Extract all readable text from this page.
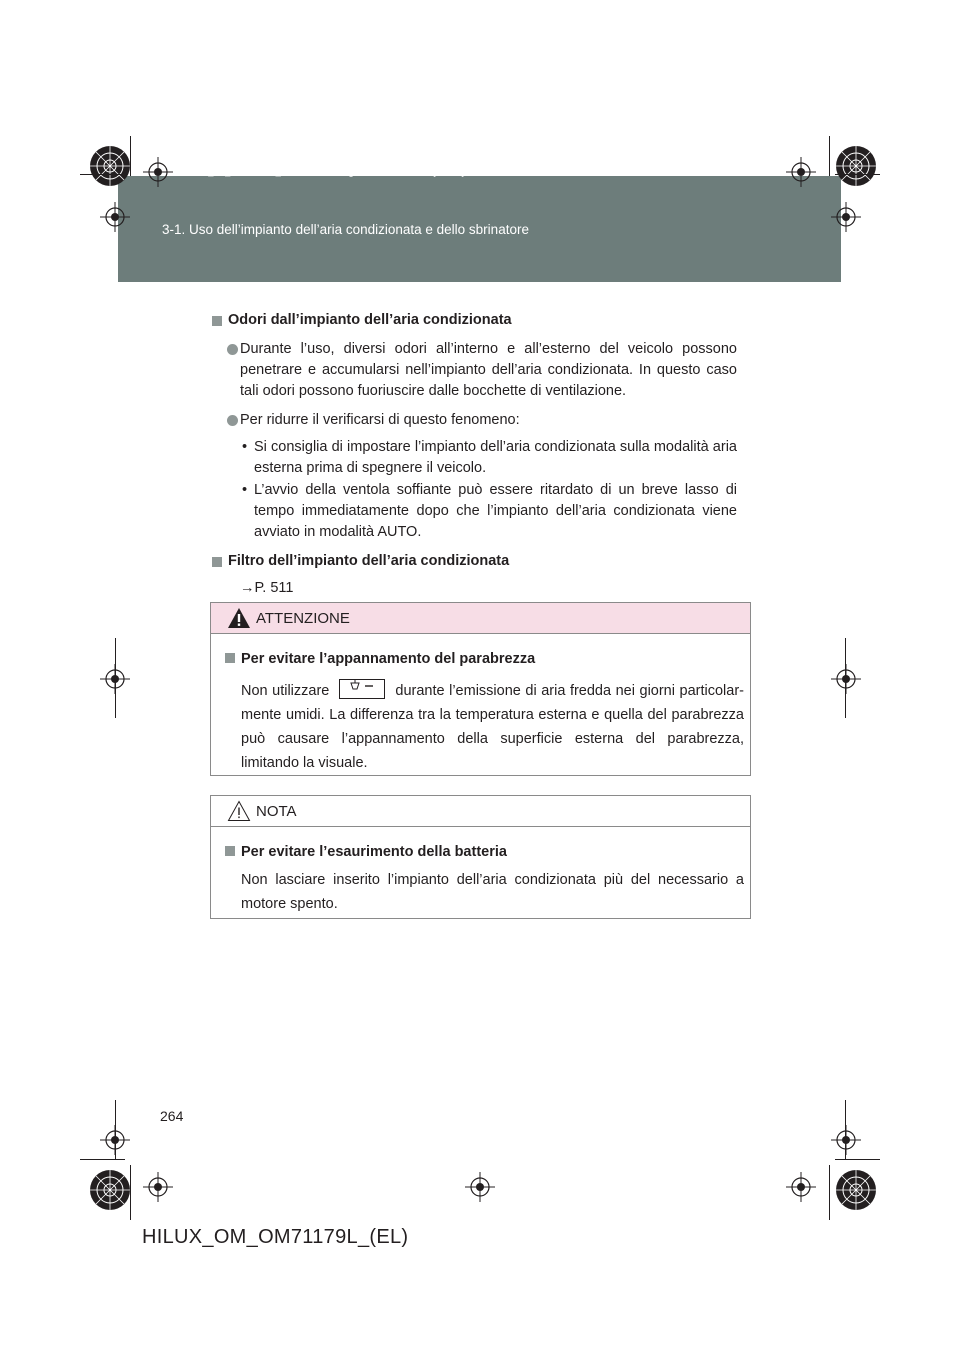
3-1. Uso dell’impianto dell’aria condizionata e dello sbrinatore
HILUX_OM_OM71179L_(EL).book Page 264 Wednesday, May 16, 2012 11:37 AM
Odori dall’impianto dell’aria condizionata
Durante l’uso, diversi odori all’interno e all’esterno del veicolo possono penetrare e accumularsi nell’impianto dell’aria condizionata. In questo caso tali odori possono fuoriuscire dalle bocchette di ventilazione.
Per ridurre il verificarsi di questo fenomeno:
• Si consiglia di impostare l’impianto dell’aria condizionata sulla modalità aria esterna prima di spegnere il veicolo.
• L’avvio della ventola soffiante può essere ritardato di un breve lasso di tempo immediatamente dopo che l’impianto dell’aria condizionata viene avviato in modalità AUTO.
Filtro dell’impianto dell’aria condizionata
→P. 511
ATTENZIONE
Per evitare l’appannamento del parabrezza
Non utilizzare	durante l’emissione di aria fredda nei giorni particolarmente umidi. La differenza tra la temperatura esterna e quella del parabrezza può causare l’appannamento della superficie esterna del parabrezza, limitando la visuale.
NOTA
Per evitare l’esaurimento della batteria
Non lasciare inserito l’impianto dell’aria condizionata più del necessario a motore spento.
264
HILUX_OM_OM71179L_(EL)
